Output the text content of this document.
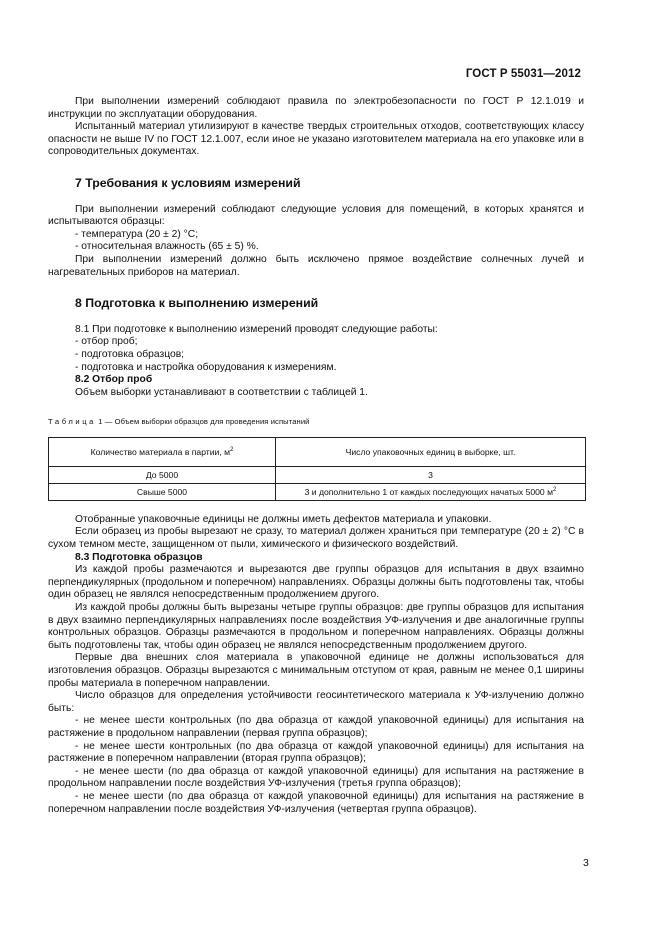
ГОСТ Р 55031—2012

При выполнении измерений соблюдают правила по электробезопасности по ГОСТ Р 12.1.019 и инструкции по эксплуатации оборудования.

Испытанный материал утилизируют в качестве твердых строительных отходов, соответствующих классу опасности не выше IV по ГОСТ 12.1.007, если иное не указано изготовителем материала на его упаковке или в сопроводительных документах.

7 Требования к условиям измерений

При выполнении измерений соблюдают следующие условия для помещений, в которых хранятся и испытываются образцы:

- температура (20 ± 2) °С;

- относительная влажность (65 ± 5) %.

При выполнении измерений должно быть исключено прямое воздействие солнечных лучей и нагревательных приборов на материал.

8 Подготовка к выполнению измерений

8.1 При подготовке к выполнению измерений проводят следующие работы:

- отбор проб;

- подготовка образцов;

- подготовка и настройка оборудования к измерениям.

8.2 Отбор проб

Объем выборки устанавливают в соответствии с таблицей 1.

Таблица 1 — Объем выборки образцов для проведения испытаний

Количество материала в партии, $м^2$	Число упаковочных единиц в выборке, шт.
До 5000	3
Свыше 5000	3 и дополнительно 1 от каждых последующих начатых 5000 $м^2$

Отобранные упаковочные единицы не должны иметь дефектов материала и упаковки.

Если образец из пробы вырезают не сразу, то материал должен храниться при температуре (20 ± 2) °С в сухом темном месте, защищенном от пыли, химического и физического воздействий.

8.3 Подготовка образцов

Из каждой пробы размечаются и вырезаются две группы образцов для испытания в двух взаимно перпендикулярных (продольном и поперечном) направлениях. Образцы должны быть подготовлены так, чтобы один образец не являлся непосредственным продолжением другого.

Из каждой пробы должны быть вырезаны четыре группы образцов: две группы образцов для испытания в двух взаимно перпендикулярных направлениях после воздействия УФ-излучения и две аналогичные группы контрольных образцов. Образцы размечаются в продольном и поперечном направлениях. Образцы должны быть подготовлены так, чтобы один образец не являлся непосредственным продолжением другого.

Первые два внешних слоя материала в упаковочной единице не должны использоваться для изготовления образцов. Образцы вырезаются с минимальным отступом от края, равным не менее 0,1 ширины пробы материала в поперечном направлении.

Число образцов для определения устойчивости геосинтетического материала к УФ-излучению должно быть:

- не менее шести контрольных (по два образца от каждой упаковочной единицы) для испытания на растяжение в продольном направлении (первая группа образцов);

- не менее шести контрольных (по два образца от каждой упаковочной единицы) для испытания на растяжение в поперечном направлении (вторая группа образцов);

- не менее шести (по два образца от каждой упаковочной единицы) для испытания на растяжение в продольном направлении после воздействия УФ-излучения (третья группа образцов);

- не менее шести (по два образца от каждой упаковочной единицы) для испытания на растяжение в поперечном направлении после воздействия УФ-излучения (четвертая группа образцов).

3
